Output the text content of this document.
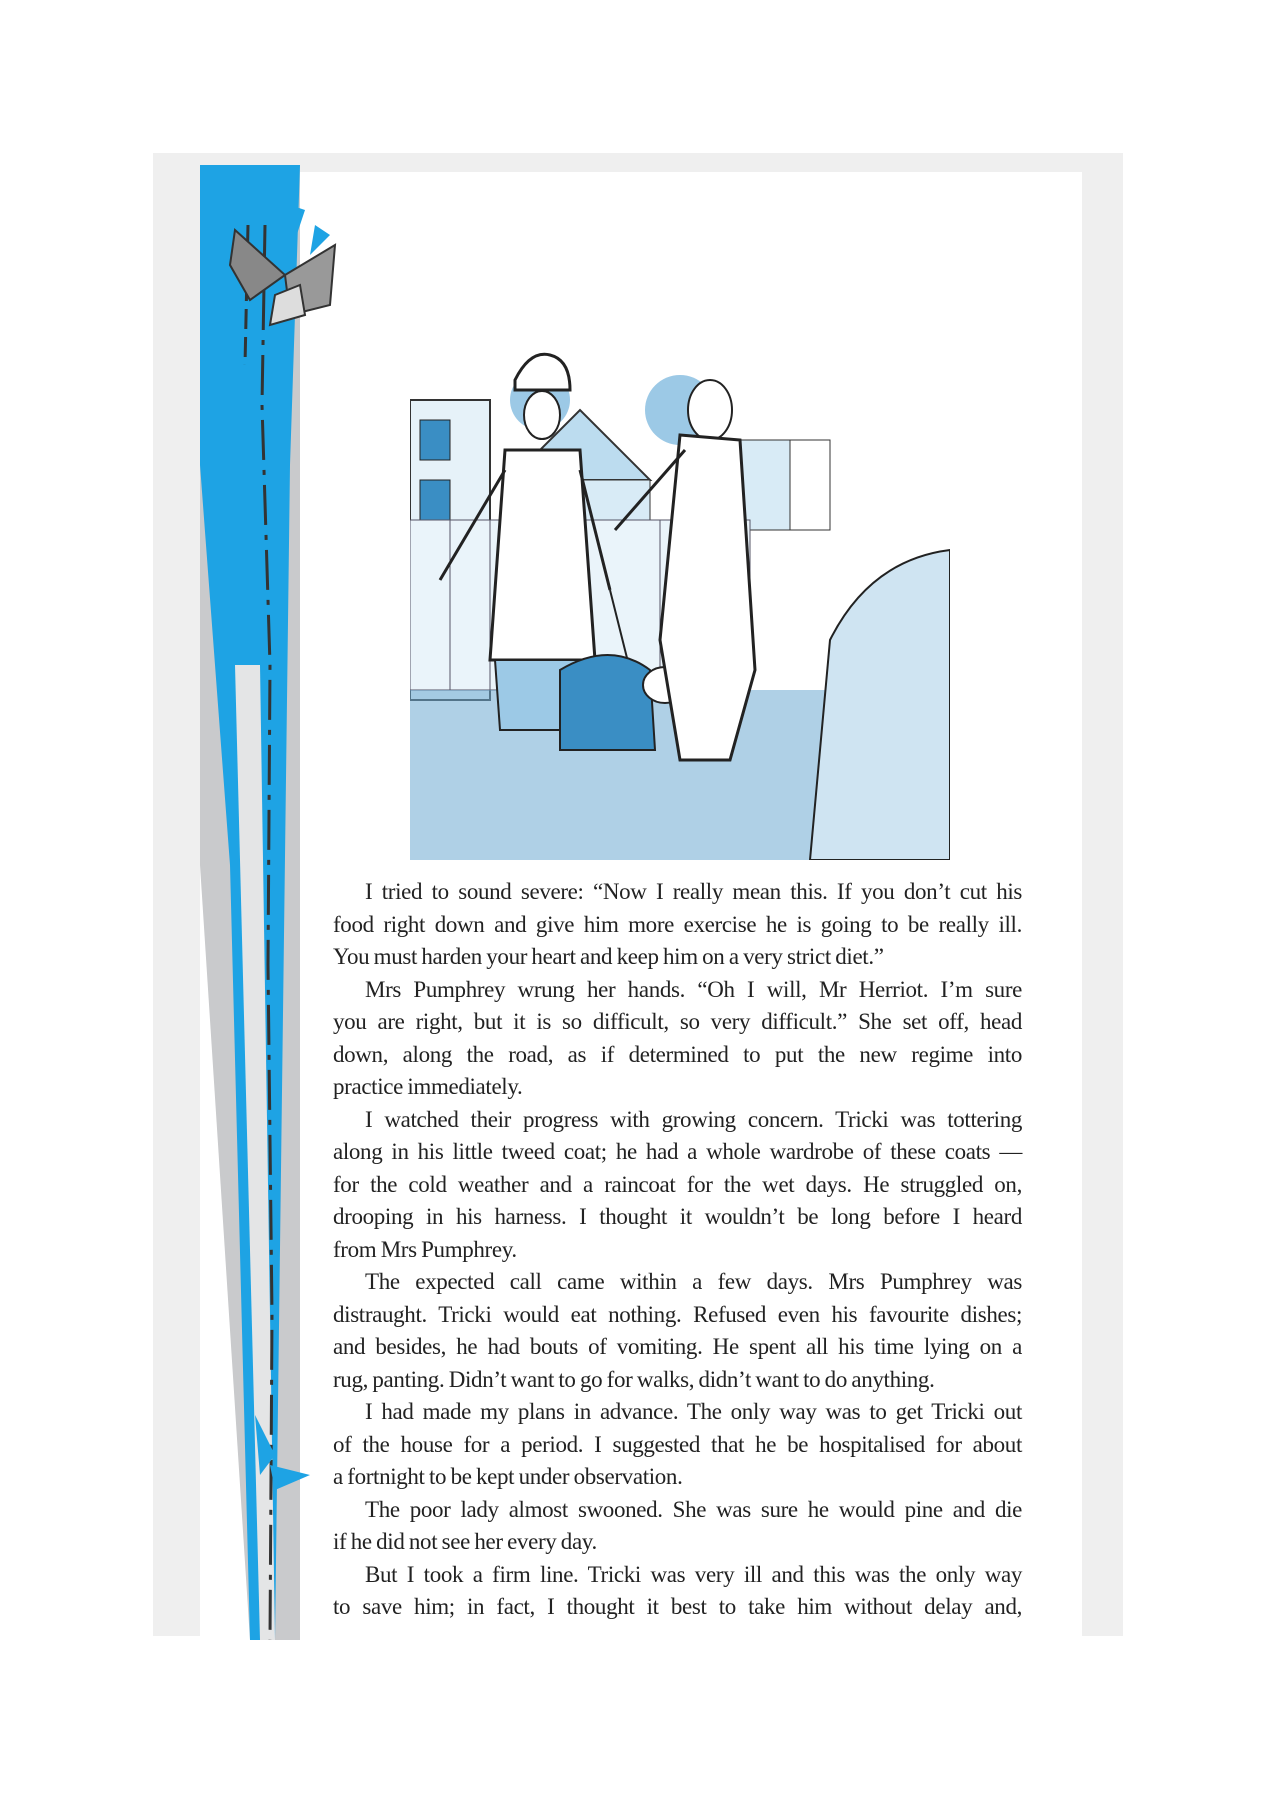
I tried to sound severe: “Now I really mean this. If you don’t cut his
food right down and give him more exercise he is going to be really ill.
You must harden your heart and keep him on a very strict diet.”
Mrs Pumphrey wrung her hands. “Oh I will, Mr Herriot. I’m sure
you are right, but it is so difficult, so very difficult.” She set off, head
down, along the road, as if determined to put the new regime into
practice immediately.
I watched their progress with growing concern. Tricki was tottering
along in his little tweed coat; he had a whole wardrobe of these coats —
for the cold weather and a raincoat for the wet days. He struggled on,
drooping in his harness. I thought it wouldn’t be long before I heard
from Mrs Pumphrey.
The expected call came within a few days. Mrs Pumphrey was
distraught. Tricki would eat nothing. Refused even his favourite dishes;
and besides, he had bouts of vomiting. He spent all his time lying on a
rug, panting. Didn’t want to go for walks, didn’t want to do anything.
I had made my plans in advance. The only way was to get Tricki out
of the house for a period. I suggested that he be hospitalised for about
a fortnight to be kept under observation.
The poor lady almost swooned. She was sure he would pine and die
if he did not see her every day.
But I took a firm line. Tricki was very ill and this was the only way
to save him; in fact, I thought it best to take him without delay and,
